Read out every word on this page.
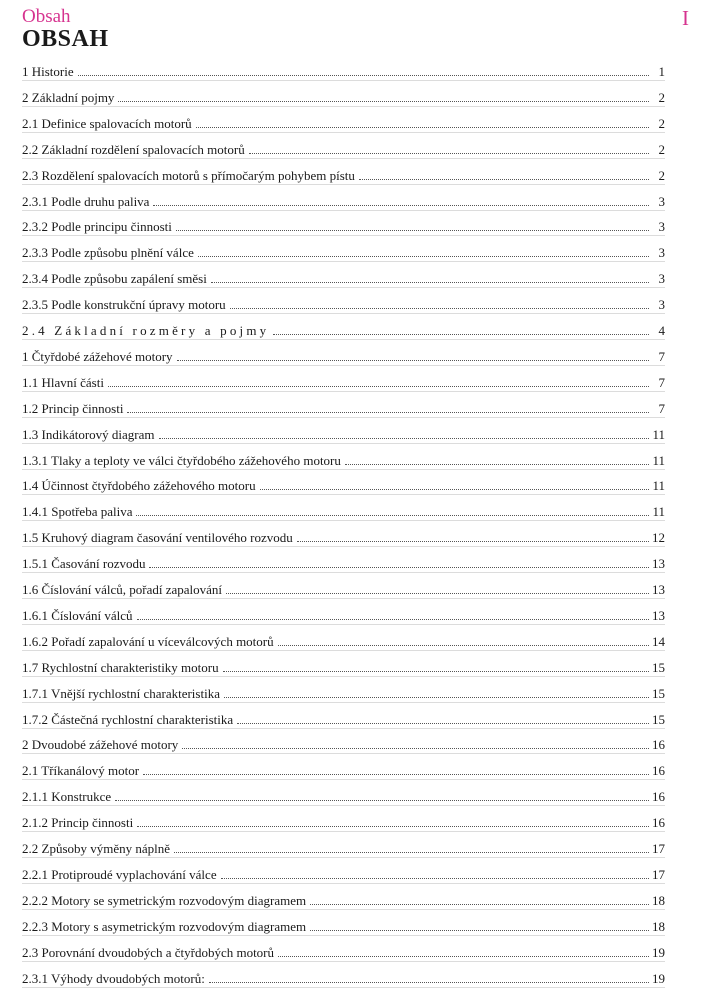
Obsah	I
OBSAH
1 Historie	1
2 Základní pojmy	2
2.1 Definice spalovacích motorů	2
2.2 Základní rozdělení spalovacích motorů	2
2.3 Rozdělení spalovacích motorů s přímočarým pohybem pístu	2
2.3.1 Podle druhu paliva	3
2.3.2 Podle principu činnosti	3
2.3.3 Podle způsobu plnění válce	3
2.3.4 Podle způsobu zapálení směsi	3
2.3.5 Podle konstrukční úpravy motoru	3
2.4 Základní rozměry a pojmy	4
1 Čtyřdobé zážehové motory	7
1.1 Hlavní části	7
1.2 Princip činnosti	7
1.3 Indikátorový diagram	11
1.3.1 Tlaky a teploty ve válci čtyřdobého zážehového motoru	11
1.4 Účinnost čtyřdobého zážehového motoru	11
1.4.1 Spotřeba paliva	11
1.5 Kruhový diagram časování ventilového rozvodu	12
1.5.1 Časování rozvodu	13
1.6 Číslování válců, pořadí zapalování	13
1.6.1 Číslování válců	13
1.6.2 Pořadí zapalování u víceválcových motorů	14
1.7 Rychlostní charakteristiky motoru	15
1.7.1 Vnější rychlostní charakteristika	15
1.7.2 Částečná rychlostní charakteristika	15
2 Dvoudobé zážehové motory	16
2.1 Tříkanálový motor	16
2.1.1 Konstrukce	16
2.1.2 Princip činnosti	16
2.2 Způsoby výměny náplně	17
2.2.1 Protiproudé vyplachování válce	17
2.2.2 Motory se symetrickým rozvodovým diagramem	18
2.2.3 Motory s asymetrickým rozvodovým diagramem	18
2.3 Porovnání dvoudobých a čtyřdobých motorů	19
2.3.1 Výhody dvoudobých motorů:	19
